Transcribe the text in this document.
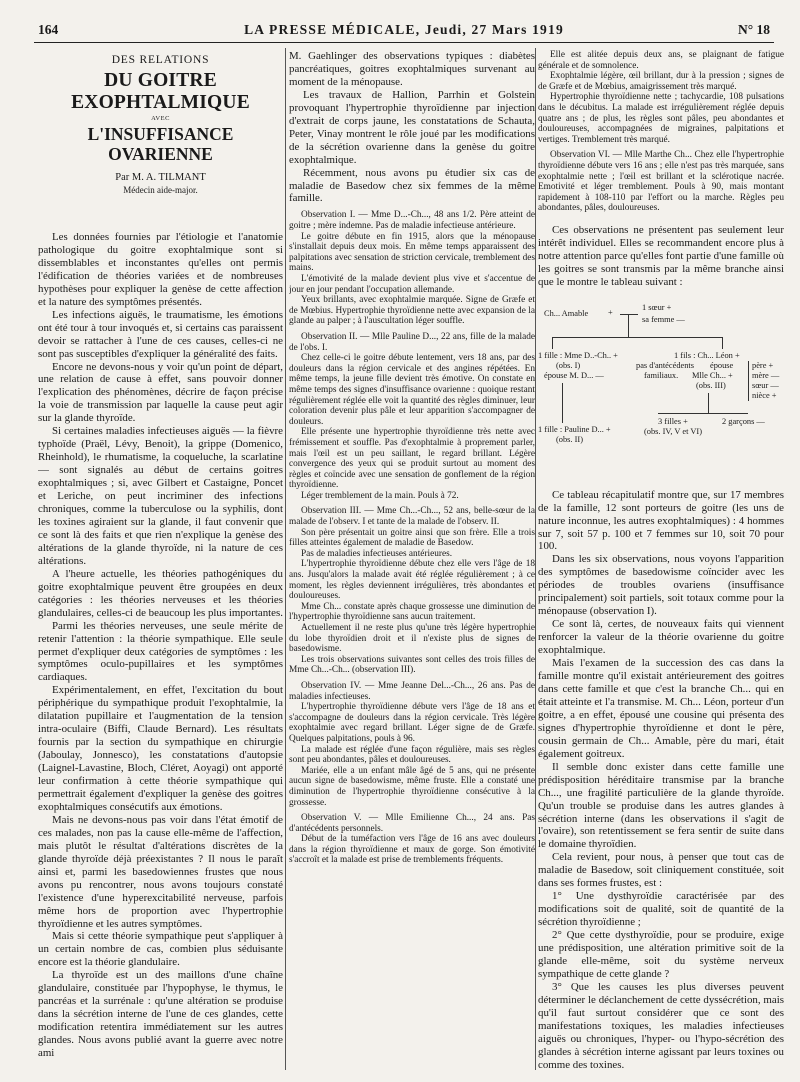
164	LA PRESSE MÉDICALE, Jeudi, 27 Mars 1919	N° 18

DES RELATIONS

DU GOITRE EXOPHTALMIQUE

AVEC

L'INSUFFISANCE OVARIENNE

Par M. A. TILMANT

Médecin aide-major.

Les données fournies par l'étiologie et l'anatomie pathologique du goitre exophtalmique sont si dissemblables et inconstantes qu'elles ont permis l'édification de théories variées et de nombreuses hypothèses pour expliquer la genèse de cette affection et la nature des symptômes présentés.

Les infections aiguës, le traumatisme, les émotions ont été tour à tour invoqués et, si certains cas paraissent devoir se rattacher à l'une de ces causes, celles-ci ne sont pas susceptibles d'expliquer la généralité des faits.

Encore ne devons-nous y voir qu'un point de départ, une relation de cause à effet, sans pouvoir donner l'explication des phénomènes, décrire de façon précise la voie de transmission par laquelle la cause peut agir sur la glande thyroïde.

Si certaines maladies infectieuses aiguës — la fièvre typhoïde (Praël, Lévy, Benoit), la grippe (Domenico, Rheinhold), le rhumatisme, la coqueluche, la scarlatine — sont signalés au début de certains goitres exophtalmiques ; si, avec Gilbert et Castaigne, Poncet et Leriche, on peut incriminer des infections chroniques, comme la tuberculose ou la syphilis, dont les toxines agiraient sur la glande, il faut convenir que ce sont là des faits et que rien n'explique la genèse des altérations de la glande thyroïde, ni la nature de ces altérations.

A l'heure actuelle, les théories pathogéniques du goitre exophtalmique peuvent être groupées en deux catégories : les théories nerveuses et les théories glandulaires, celles-ci de beaucoup les plus importantes.

Parmi les théories nerveuses, une seule mérite de retenir l'attention : la théorie sympathique. Elle seule permet d'expliquer deux catégories de symptômes : les symptômes oculo-pupillaires et les symptômes cardiaques.

Expérimentalement, en effet, l'excitation du bout périphérique du sympathique produit l'exophtalmie, la dilatation pupillaire et l'augmentation de la tension intra-oculaire (Biffi, Claude Bernard). Les résultats fournis par la section du sympathique en chirurgie (Jaboulay, Jonnesco), les constatations d'autopsie (Laignel-Lavastine, Bloch, Cléret, Aoyagi) ont apporté leur confirmation à cette théorie sympathique qui permettrait également d'expliquer la genèse des goitres exophtalmiques consécutifs aux émotions.

Mais ne devons-nous pas voir dans l'état émotif de ces malades, non pas la cause elle-même de l'affection, mais plutôt le résultat d'altérations discrètes de la glande thyroïde déjà préexistantes ? Il nous le paraît ainsi et, parmi les basedowiennes frustes que nous avons pu rencontrer, nous avons toujours constaté l'existence d'une hyperexcitabilité nerveuse, parfois même hors de proportion avec l'hypertrophie thyroïdienne et les autres symptômes.

Mais si cette théorie sympathique peut s'appliquer à un certain nombre de cas, combien plus séduisante encore est la théorie glandulaire.

La thyroïde est un des maillons d'une chaîne glandulaire, constituée par l'hypophyse, le thymus, le pancréas et la surrénale : qu'une altération se produise dans la sécrétion interne de l'une de ces glandes, cette modification retentira immédiatement sur les autres glandes. Nous avons publié avant la guerre avec notre ami

M. Gaehlinger des observations typiques : diabètes pancréatiques, goitres exophtalmiques survenant au moment de la ménopause.

Les travaux de Hallion, Parrhin et Golstein provoquant l'hypertrophie thyroïdienne par injection d'extrait de corps jaune, les constatations de Schauta, Peter, Vinay montrent le rôle joué par les modifications de la sécrétion ovarienne dans la genèse du goitre exophtalmique.

Récemment, nous avons pu étudier six cas de maladie de Basedow chez six femmes de la même famille.

Observation I. — Mme D...-Ch..., 48 ans 1/2. Père atteint de goitre ; mère indemne. Pas de maladie infectieuse antérieure.

Le goitre débute en fin 1915, alors que la ménopause s'installait depuis deux mois. En même temps apparaissent des palpitations avec sensation de striction cervicale, tremblement des mains.

L'émotivité de la malade devient plus vive et s'accentue de jour en jour pendant l'occupation allemande.

Yeux brillants, avec exophtalmie marquée. Signe de Græfe et de Mœbius. Hypertrophie thyroïdienne nette avec expansion de la glande au palper ; à l'auscultation léger souffle.

Observation II. — Mlle Pauline D..., 22 ans, fille de la malade de l'obs. I.

Chez celle-ci le goitre débute lentement, vers 18 ans, par des douleurs dans la région cervicale et des angines répétées. En même temps, la jeune fille devient très émotive. On constate en même temps des signes d'insuffisance ovarienne : quoique restant régulièrement réglée elle voit la quantité des règles diminuer, leur coloration devenir plus pâle et leur apparition s'accompagner de douleurs.

Elle présente une hypertrophie thyroïdienne très nette avec frémissement et souffle. Pas d'exophtalmie à proprement parler, mais l'œil est un peu saillant, le regard brillant. Légère convergence des yeux qui se produit surtout au moment des règles et coïncide avec une sensation de gonflement de la région thyroïdienne.

Léger tremblement de la main. Pouls à 72.

Observation III. — Mme Ch...-Ch..., 52 ans, belle-sœur de la malade de l'observ. I et tante de la malade de l'observ. II.

Son père présentait un goitre ainsi que son frère. Elle a trois filles atteintes également de maladie de Basedow.

Pas de maladies infectieuses antérieures.

L'hypertrophie thyroïdienne débute chez elle vers l'âge de 18 ans. Jusqu'alors la malade avait été réglée régulièrement ; à ce moment, les règles deviennent irrégulières, très abondantes et douloureuses.

Mme Ch... constate après chaque grossesse une diminution de l'hypertrophie thyroïdienne sans aucun traitement.

Actuellement il ne reste plus qu'une très légère hypertrophie du lobe thyroïdien droit et il n'existe plus de signes de basedowisme.

Les trois observations suivantes sont celles des trois filles de Mme Ch...-Ch... (observation III).

Observation IV. — Mme Jeanne Del...-Ch..., 26 ans. Pas de maladies infectieuses.

L'hypertrophie thyroïdienne débute vers l'âge de 18 ans et s'accompagne de douleurs dans la région cervicale. Très légère exophtalmie avec regard brillant. Léger signe de de Græfe. Quelques palpitations, pouls à 96.

La malade est réglée d'une façon régulière, mais ses règles sont peu abondantes, pâles et douloureuses.

Mariée, elle a un enfant mâle âgé de 5 ans, qui ne présente aucun signe de basedowisme, même fruste. Elle a constaté une diminution de l'hypertrophie thyroïdienne consécutive à la grossesse.

Observation V. — Mlle Emilienne Ch..., 24 ans. Pas d'antécédents personnels.

Début de la tuméfaction vers l'âge de 16 ans avec douleurs dans la région thyroïdienne et maux de gorge. Son émotivité s'accroît et la malade est prise de tremblements fréquents.

Elle est alitée depuis deux ans, se plaignant de fatigue générale et de somnolence.

Exophtalmie légère, œil brillant, dur à la pression ; signes de de Græfe et de Mœbius, amaigrissement très marqué.

Hypertrophie thyroïdienne nette ; tachycardie, 108 pulsations dans le décubitus. La malade est irrégulièrement réglée depuis quatre ans ; de plus, les règles sont pâles, peu abondantes et douloureuses, accompagnées de migraines, palpitations et vertiges. Tremblement très marqué.

Observation VI. — Mlle Marthe Ch... Chez elle l'hypertrophie thyroïdienne débute vers 16 ans ; elle n'est pas très marquée, sans exophtalmie nette ; l'œil est brillant et la sclérotique nacrée. Emotivité et léger tremblement. Pouls à 90, mais montant rapidement à 108-110 par l'effort ou la marche. Règles peu abondantes, pâles, douloureuses.

Ces observations ne présentent pas seulement leur intérêt individuel. Elles se recommandent encore plus à notre attention parce qu'elles font partie d'une famille où les goitres se sont transmis par la même branche ainsi que le montre le tableau suivant :

Ch... Amable +
1 sœur +
sa femme —
1 fille : Mme D..-Ch.. +
(obs. I)
épouse M. D... —
pas d'antécédents
familiaux.
1 fils : Ch... Léon +
épouse
Mlle Ch... +
(obs. III)
père +
mère —
sœur —
nièce +
1 fille : Pauline D... +
(obs. II)
3 filles +
(obs. IV, V et VI)
2 garçons —

Ce tableau récapitulatif montre que, sur 17 membres de la famille, 12 sont porteurs de goitre (les uns de nature inconnue, les autres exophtalmiques) : 4 hommes sur 7, soit 57 p. 100 et 7 femmes sur 10, soit 70 pour 100.

Dans les six observations, nous voyons l'apparition des symptômes de basedowisme coïncider avec les périodes de troubles ovariens (insuffisance principalement) soit partiels, soit totaux comme pour la ménopause (observation I).

Ce sont là, certes, de nouveaux faits qui viennent renforcer la valeur de la théorie ovarienne du goitre exophtalmique.

Mais l'examen de la succession des cas dans la famille montre qu'il existait antérieurement des goitres dans cette famille et que c'est la branche Ch... qui en était atteinte et l'a transmise. M. Ch... Léon, porteur d'un goitre, a en effet, épousé une cousine qui présenta des signes d'hypertrophie thyroïdienne et dont le père, cousin germain de Ch... Amable, père du mari, était également goitreux.

Il semble donc exister dans cette famille une prédisposition héréditaire transmise par la branche Ch..., une fragilité particulière de la glande thyroïde. Qu'un trouble se produise dans les autres glandes à sécrétion interne (dans les observations il s'agit de l'ovaire), son retentissement se fera sentir de suite dans le domaine thyroïdien.

Cela revient, pour nous, à penser que tout cas de maladie de Basedow, soit cliniquement constituée, soit dans ses formes frustes, est :

1° Une dysthyroïdie caractérisée par des modifications soit de qualité, soit de quantité de la sécrétion thyroïdienne ;

2° Que cette dysthyroïdie, pour se produire, exige une prédisposition, une altération primitive soit de la glande elle-même, soit du système nerveux sympathique de cette glande ?

3° Que les causes les plus diverses peuvent déterminer le déclanchement de cette dyssécrétion, mais qu'il faut surtout considérer que ce sont des manifestations toxiques, les maladies infectieuses aiguës ou chroniques, l'hyper- ou l'hypo-sécrétion des glandes à sécrétion interne agissant par leurs toxines ou comme des toxines.
